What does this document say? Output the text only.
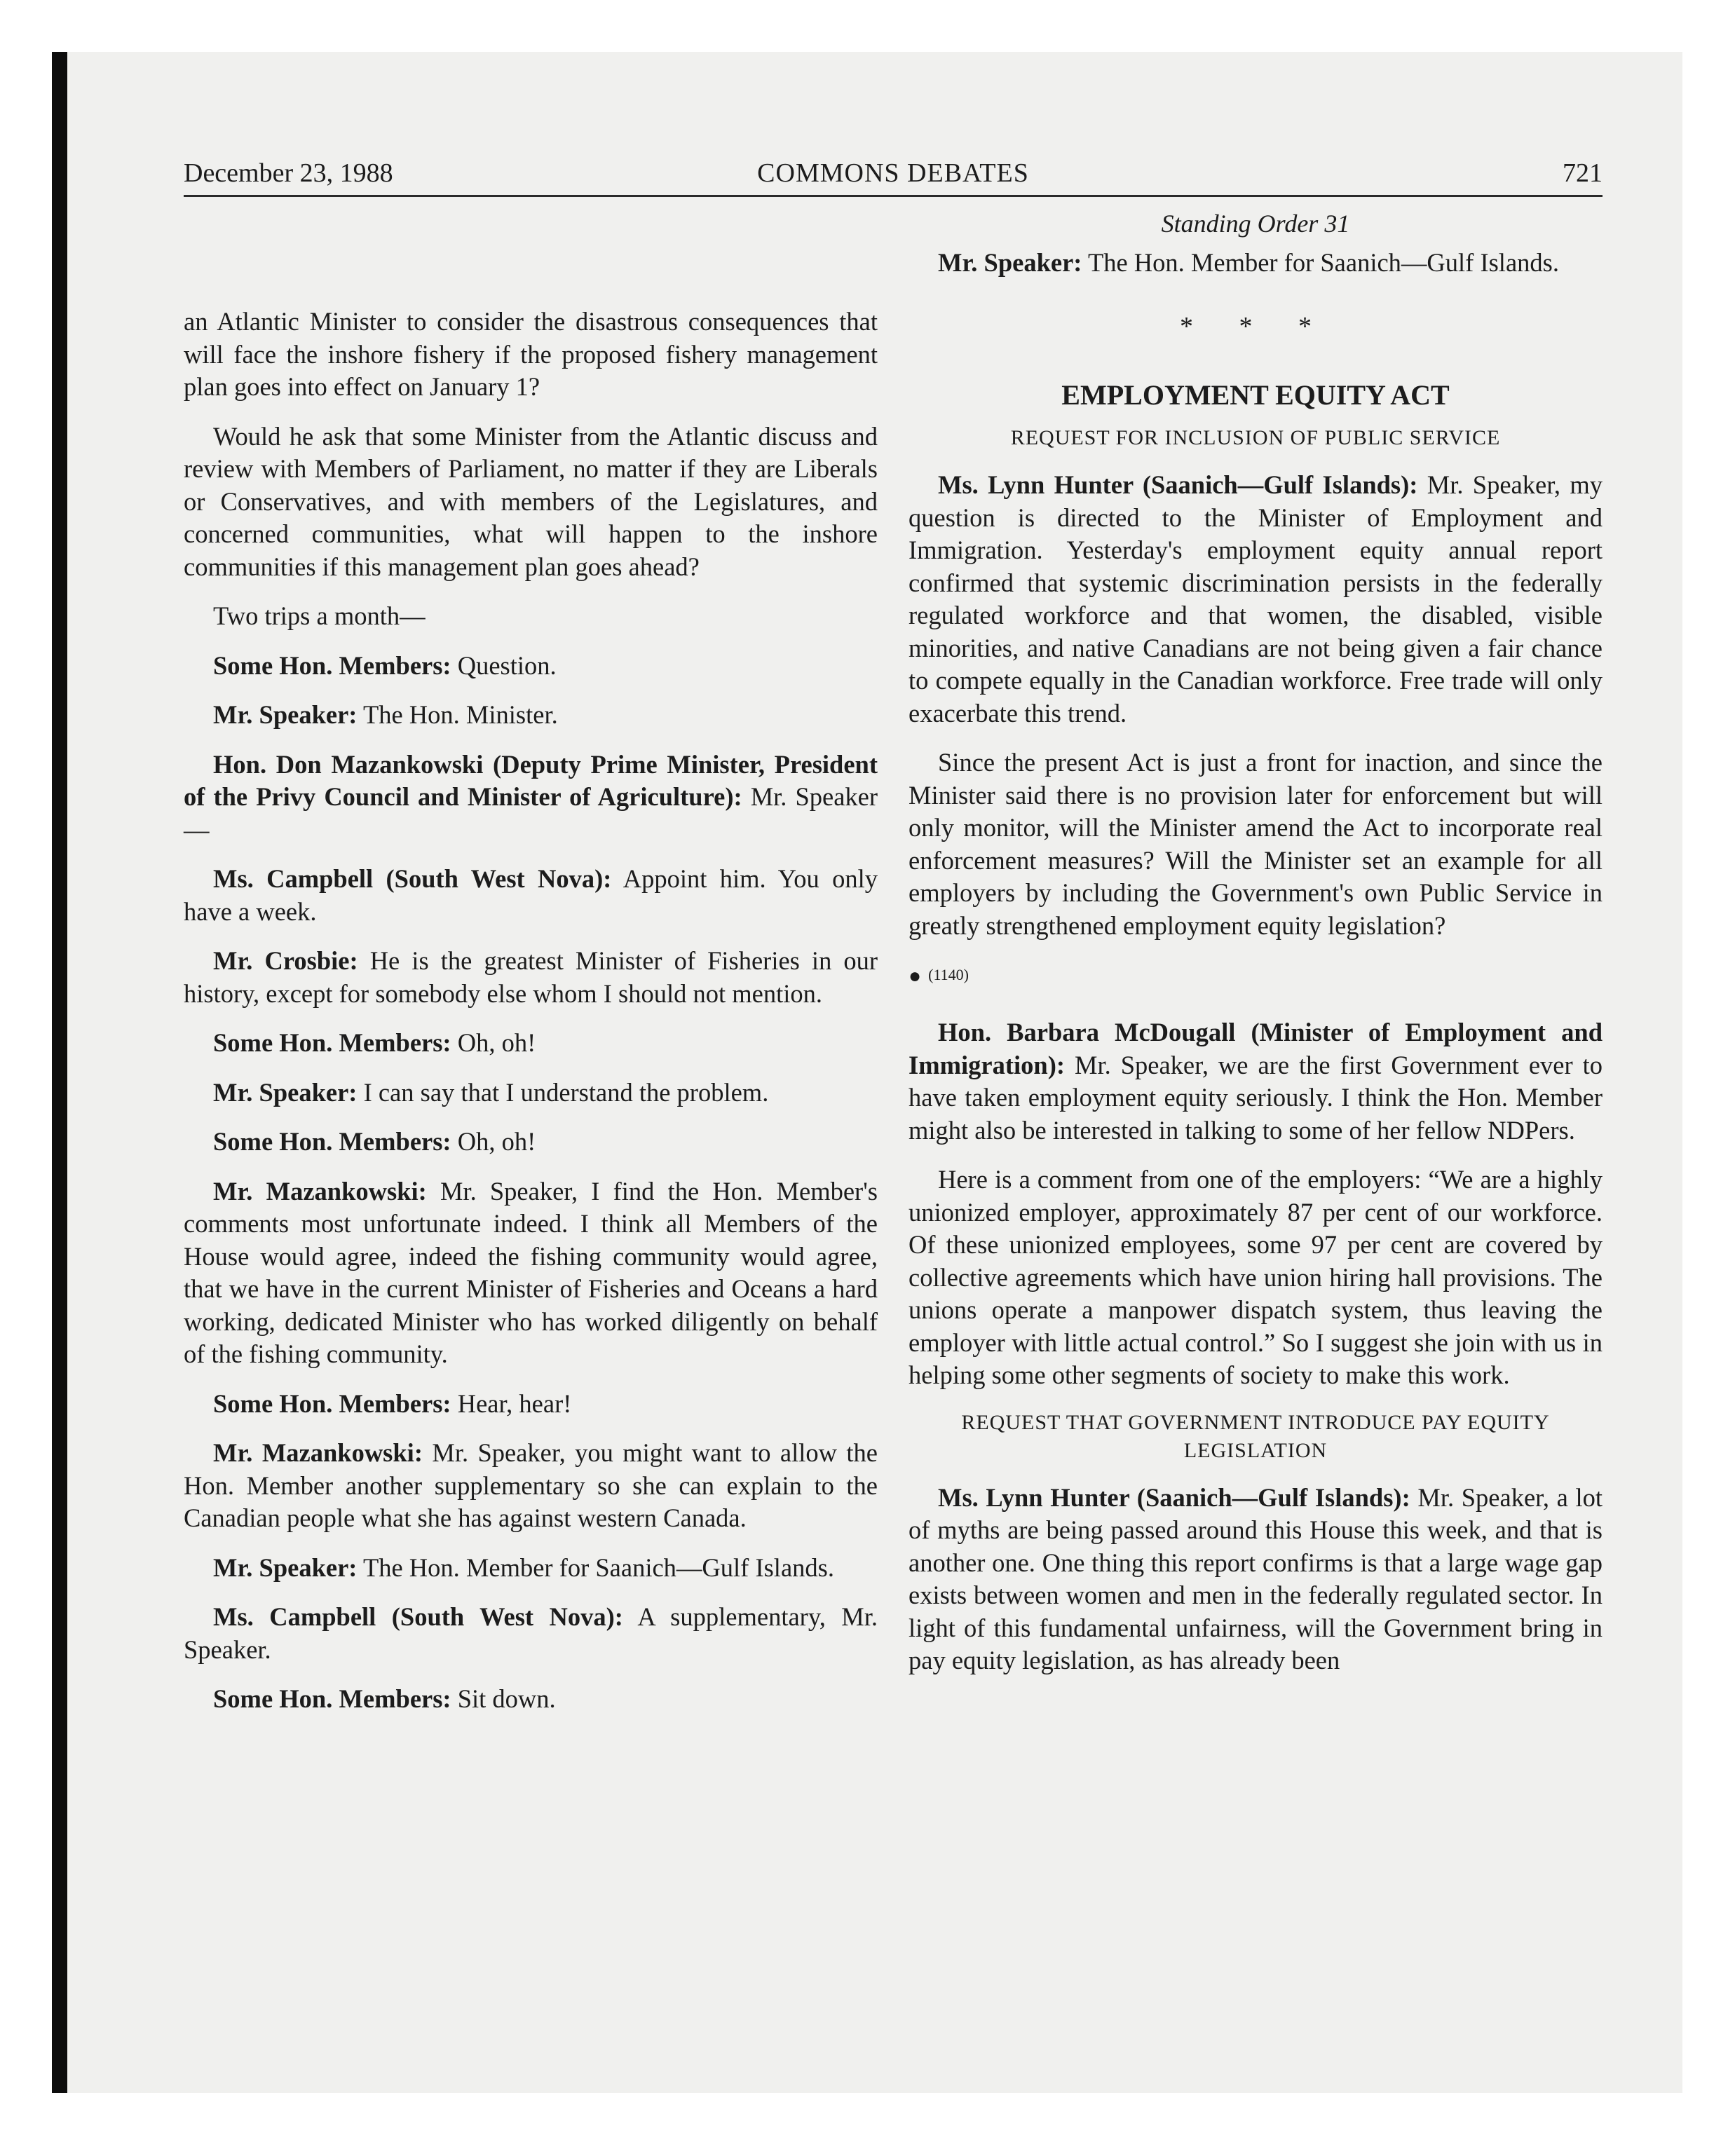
December 23, 1988	COMMONS DEBATES	721

an Atlantic Minister to consider the disastrous consequences that will face the inshore fishery if the proposed fishery management plan goes into effect on January 1?

Would he ask that some Minister from the Atlantic discuss and review with Members of Parliament, no matter if they are Liberals or Conservatives, and with members of the Legislatures, and concerned communities, what will happen to the inshore communities if this management plan goes ahead?

Two trips a month—

Some Hon. Members: Question.

Mr. Speaker: The Hon. Minister.

Hon. Don Mazankowski (Deputy Prime Minister, President of the Privy Council and Minister of Agriculture): Mr. Speaker—

Ms. Campbell (South West Nova): Appoint him. You only have a week.

Mr. Crosbie: He is the greatest Minister of Fisheries in our history, except for somebody else whom I should not mention.

Some Hon. Members: Oh, oh!

Mr. Speaker: I can say that I understand the problem.

Some Hon. Members: Oh, oh!

Mr. Mazankowski: Mr. Speaker, I find the Hon. Member's comments most unfortunate indeed. I think all Members of the House would agree, indeed the fishing community would agree, that we have in the current Minister of Fisheries and Oceans a hard working, dedicated Minister who has worked diligently on behalf of the fishing community.

Some Hon. Members: Hear, hear!

Mr. Mazankowski: Mr. Speaker, you might want to allow the Hon. Member another supplementary so she can explain to the Canadian people what she has against western Canada.

Mr. Speaker: The Hon. Member for Saanich—Gulf Islands.

Ms. Campbell (South West Nova): A supplementary, Mr. Speaker.

Some Hon. Members: Sit down.

Standing Order 31

Mr. Speaker: The Hon. Member for Saanich—Gulf Islands.

* * *
EMPLOYMENT EQUITY ACT
REQUEST FOR INCLUSION OF PUBLIC SERVICE

Ms. Lynn Hunter (Saanich—Gulf Islands): Mr. Speaker, my question is directed to the Minister of Employment and Immigration. Yesterday's employment equity annual report confirmed that systemic discrimination persists in the federally regulated workforce and that women, the disabled, visible minorities, and native Canadians are not being given a fair chance to compete equally in the Canadian workforce. Free trade will only exacerbate this trend.

Since the present Act is just a front for inaction, and since the Minister said there is no provision later for enforcement but will only monitor, will the Minister amend the Act to incorporate real enforcement measures? Will the Minister set an example for all employers by including the Government's own Public Service in greatly strengthened employment equity legislation?

● (1140)

Hon. Barbara McDougall (Minister of Employment and Immigration): Mr. Speaker, we are the first Government ever to have taken employment equity seriously. I think the Hon. Member might also be interested in talking to some of her fellow NDPers.

Here is a comment from one of the employers: “We are a highly unionized employer, approximately 87 per cent of our workforce. Of these unionized employees, some 97 per cent are covered by collective agreements which have union hiring hall provisions. The unions operate a manpower dispatch system, thus leaving the employer with little actual control.” So I suggest she join with us in helping some other segments of society to make this work.

REQUEST THAT GOVERNMENT INTRODUCE PAY EQUITY LEGISLATION

Ms. Lynn Hunter (Saanich—Gulf Islands): Mr. Speaker, a lot of myths are being passed around this House this week, and that is another one. One thing this report confirms is that a large wage gap exists between women and men in the federally regulated sector. In light of this fundamental unfairness, will the Government bring in pay equity legislation, as has already been
